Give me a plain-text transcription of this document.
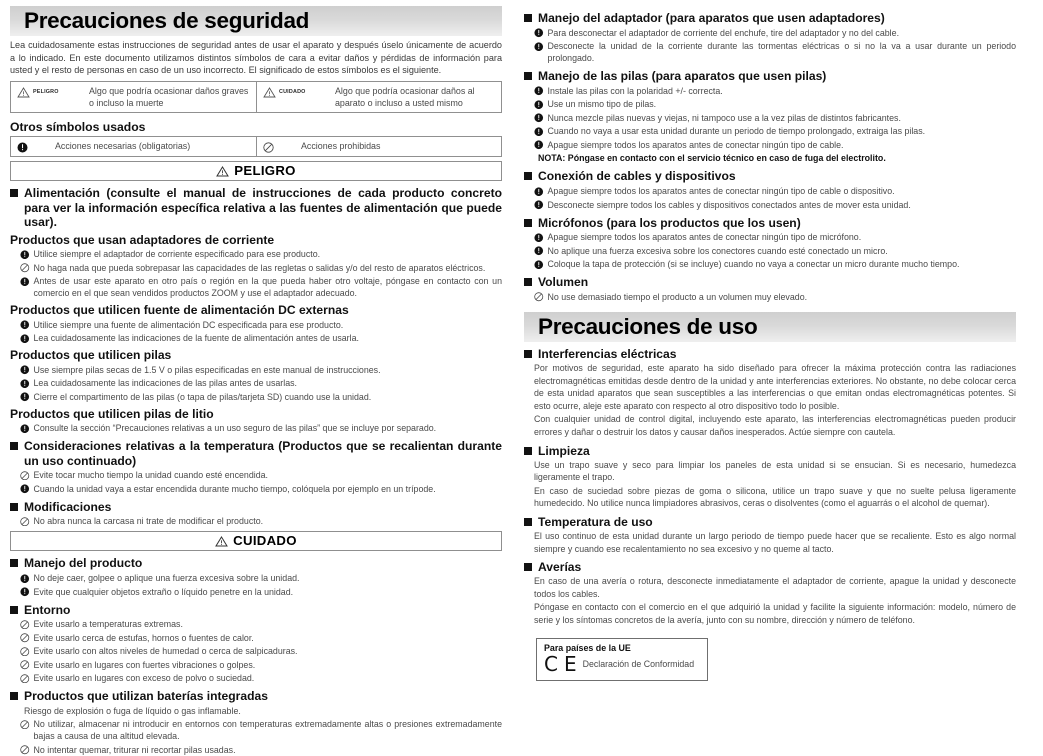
Precauciones de seguridad
Lea cuidadosamente estas instrucciones de seguridad antes de usar el aparato y después úselo únicamente de acuerdo a lo indicado. En este documento utilizamos distintos símbolos de cara a evitar daños y pérdidas de información para usted y el resto de personas en caso de un uso incorrecto. El significado de estos símbolos es el siguiente.
PELIGRO	Algo que podría ocasionar daños graves o incluso la muerte
CUIDADO	Algo que podría ocasionar daños al aparato o incluso a usted mismo
Otros símbolos usados
Acciones necesarias (obligatorias)	Acciones prohibidas
PELIGRO
Alimentación (consulte el manual de instrucciones de cada producto concreto para ver la información específica relativa a las fuentes de alimentación que puede usar).
Productos que usan adaptadores de corriente
Utilice siempre el adaptador de corriente especificado para ese producto.
No haga nada que pueda sobrepasar las capacidades de las regletas o salidas y/o del resto de aparatos eléctricos.
Antes de usar este aparato en otro país o región en la que pueda haber otro voltaje, póngase en contacto con un comercio en el que sean vendidos productos ZOOM y use el adaptador adecuado.
Productos que utilicen fuente de alimentación DC externas
Utilice siempre una fuente de alimentación DC especificada para ese producto.
Lea cuidadosamente las indicaciones de la fuente de alimentación antes de usarla.
Productos que utilicen pilas
Use siempre pilas secas de 1.5 V o pilas especificadas en este manual de instrucciones.
Lea cuidadosamente las indicaciones de las pilas antes de usarlas.
Cierre el compartimento de las pilas (o tapa de pilas/tarjeta SD) cuando use la unidad.
Productos que utilicen pilas de litio
Consulte la sección “Precauciones relativas a un uso seguro de las pilas” que se incluye por separado.
Consideraciones relativas a la temperatura (Productos que se recalientan durante un uso continuado)
Evite tocar mucho tiempo la unidad cuando esté encendida.
Cuando la unidad vaya a estar encendida durante mucho tiempo, colóquela por ejemplo en un trípode.
Modificaciones
No abra nunca la carcasa ni trate de modificar el producto.
CUIDADO
Manejo del producto
No deje caer, golpee o aplique una fuerza excesiva sobre la unidad.
Evite que cualquier objetos extraño o líquido penetre en la unidad.
Entorno
Evite usarlo a temperaturas extremas.
Evite usarlo cerca de estufas, hornos o fuentes de calor.
Evite usarlo con altos niveles de humedad o cerca de salpicaduras.
Evite usarlo en lugares con fuertes vibraciones o golpes.
Evite usarlo en lugares con exceso de polvo o suciedad.
Productos que utilizan baterías integradas
Riesgo de explosión o fuga de líquido o gas inflamable.
No utilizar, almacenar ni introducir en entornos con temperaturas extremadamente altas o presiones extremadamente bajas a causa de una altitud elevada.
No intentar quemar, triturar ni recortar pilas usadas.
Manejo del adaptador (para aparatos que usen adaptadores)
Para desconectar el adaptador de corriente del enchufe, tire del adaptador y no del cable.
Desconecte la unidad de la corriente durante las tormentas eléctricas o si no la va a usar durante un periodo prolongado.
Manejo de las pilas (para aparatos que usen pilas)
Instale las pilas con la polaridad +/- correcta.
Use un mismo tipo de pilas.
Nunca mezcle pilas nuevas y viejas, ni tampoco use a la vez pilas de distintos fabricantes.
Cuando no vaya a usar esta unidad durante un periodo de tiempo prolongado, extraiga las pilas.
Apague siempre todos los aparatos antes de conectar ningún tipo de cable.
NOTA: Póngase en contacto con el servicio técnico en caso de fuga del electrolito.
Conexión de cables y dispositivos
Apague siempre todos los aparatos antes de conectar ningún tipo de cable o dispositivo.
Desconecte siempre todos los cables y dispositivos conectados antes de mover esta unidad.
Micrófonos (para los productos que los usen)
Apague siempre todos los aparatos antes de conectar ningún tipo de micrófono.
No aplique una fuerza excesiva sobre los conectores cuando esté conectado un micro.
Coloque la tapa de protección (si se incluye) cuando no vaya a conectar un micro durante mucho tiempo.
Volumen
No use demasiado tiempo el producto a un volumen muy elevado.
Precauciones de uso
Interferencias eléctricas
Por motivos de seguridad, este aparato ha sido diseñado para ofrecer la máxima protección contra las radiaciones electromagnéticas emitidas desde dentro de la unidad y ante interferencias exteriores. No obstante, no debe colocar cerca de esta unidad aparatos que sean susceptibles a las interferencias o que emitan ondas electromagnéticas potentes. Si esto ocurre, aleje este aparato con respecto al otro dispositivo todo lo posible.
Con cualquier unidad de control digital, incluyendo este aparato, las interferencias electromagnéticas pueden producir errores y dañar o destruir los datos y causar daños inesperados. Actúe siempre con cautela.
Limpieza
Use un trapo suave y seco para limpiar los paneles de esta unidad si se ensucian. Si es necesario, humedezca ligeramente el trapo.
En caso de suciedad sobre piezas de goma o silicona, utilice un trapo suave y que no suelte pelusa ligeramente humedecido. No utilice nunca limpiadores abrasivos, ceras o disolventes (como el aguarrás o el alcohol de quemar).
Temperatura de uso
El uso continuo de esta unidad durante un largo periodo de tiempo puede hacer que se recaliente. Esto es algo normal siempre y cuando ese recalentamiento no sea excesivo y no queme al tacto.
Averías
En caso de una avería o rotura, desconecte inmediatamente el adaptador de corriente, apague la unidad y desconecte todos los cables.
Póngase en contacto con el comercio en el que adquirió la unidad y facilite la siguiente información: modelo, número de serie y los síntomas concretos de la avería, junto con su nombre, dirección y número de teléfono.
Para países de la UE
C E Declaración de Conformidad
